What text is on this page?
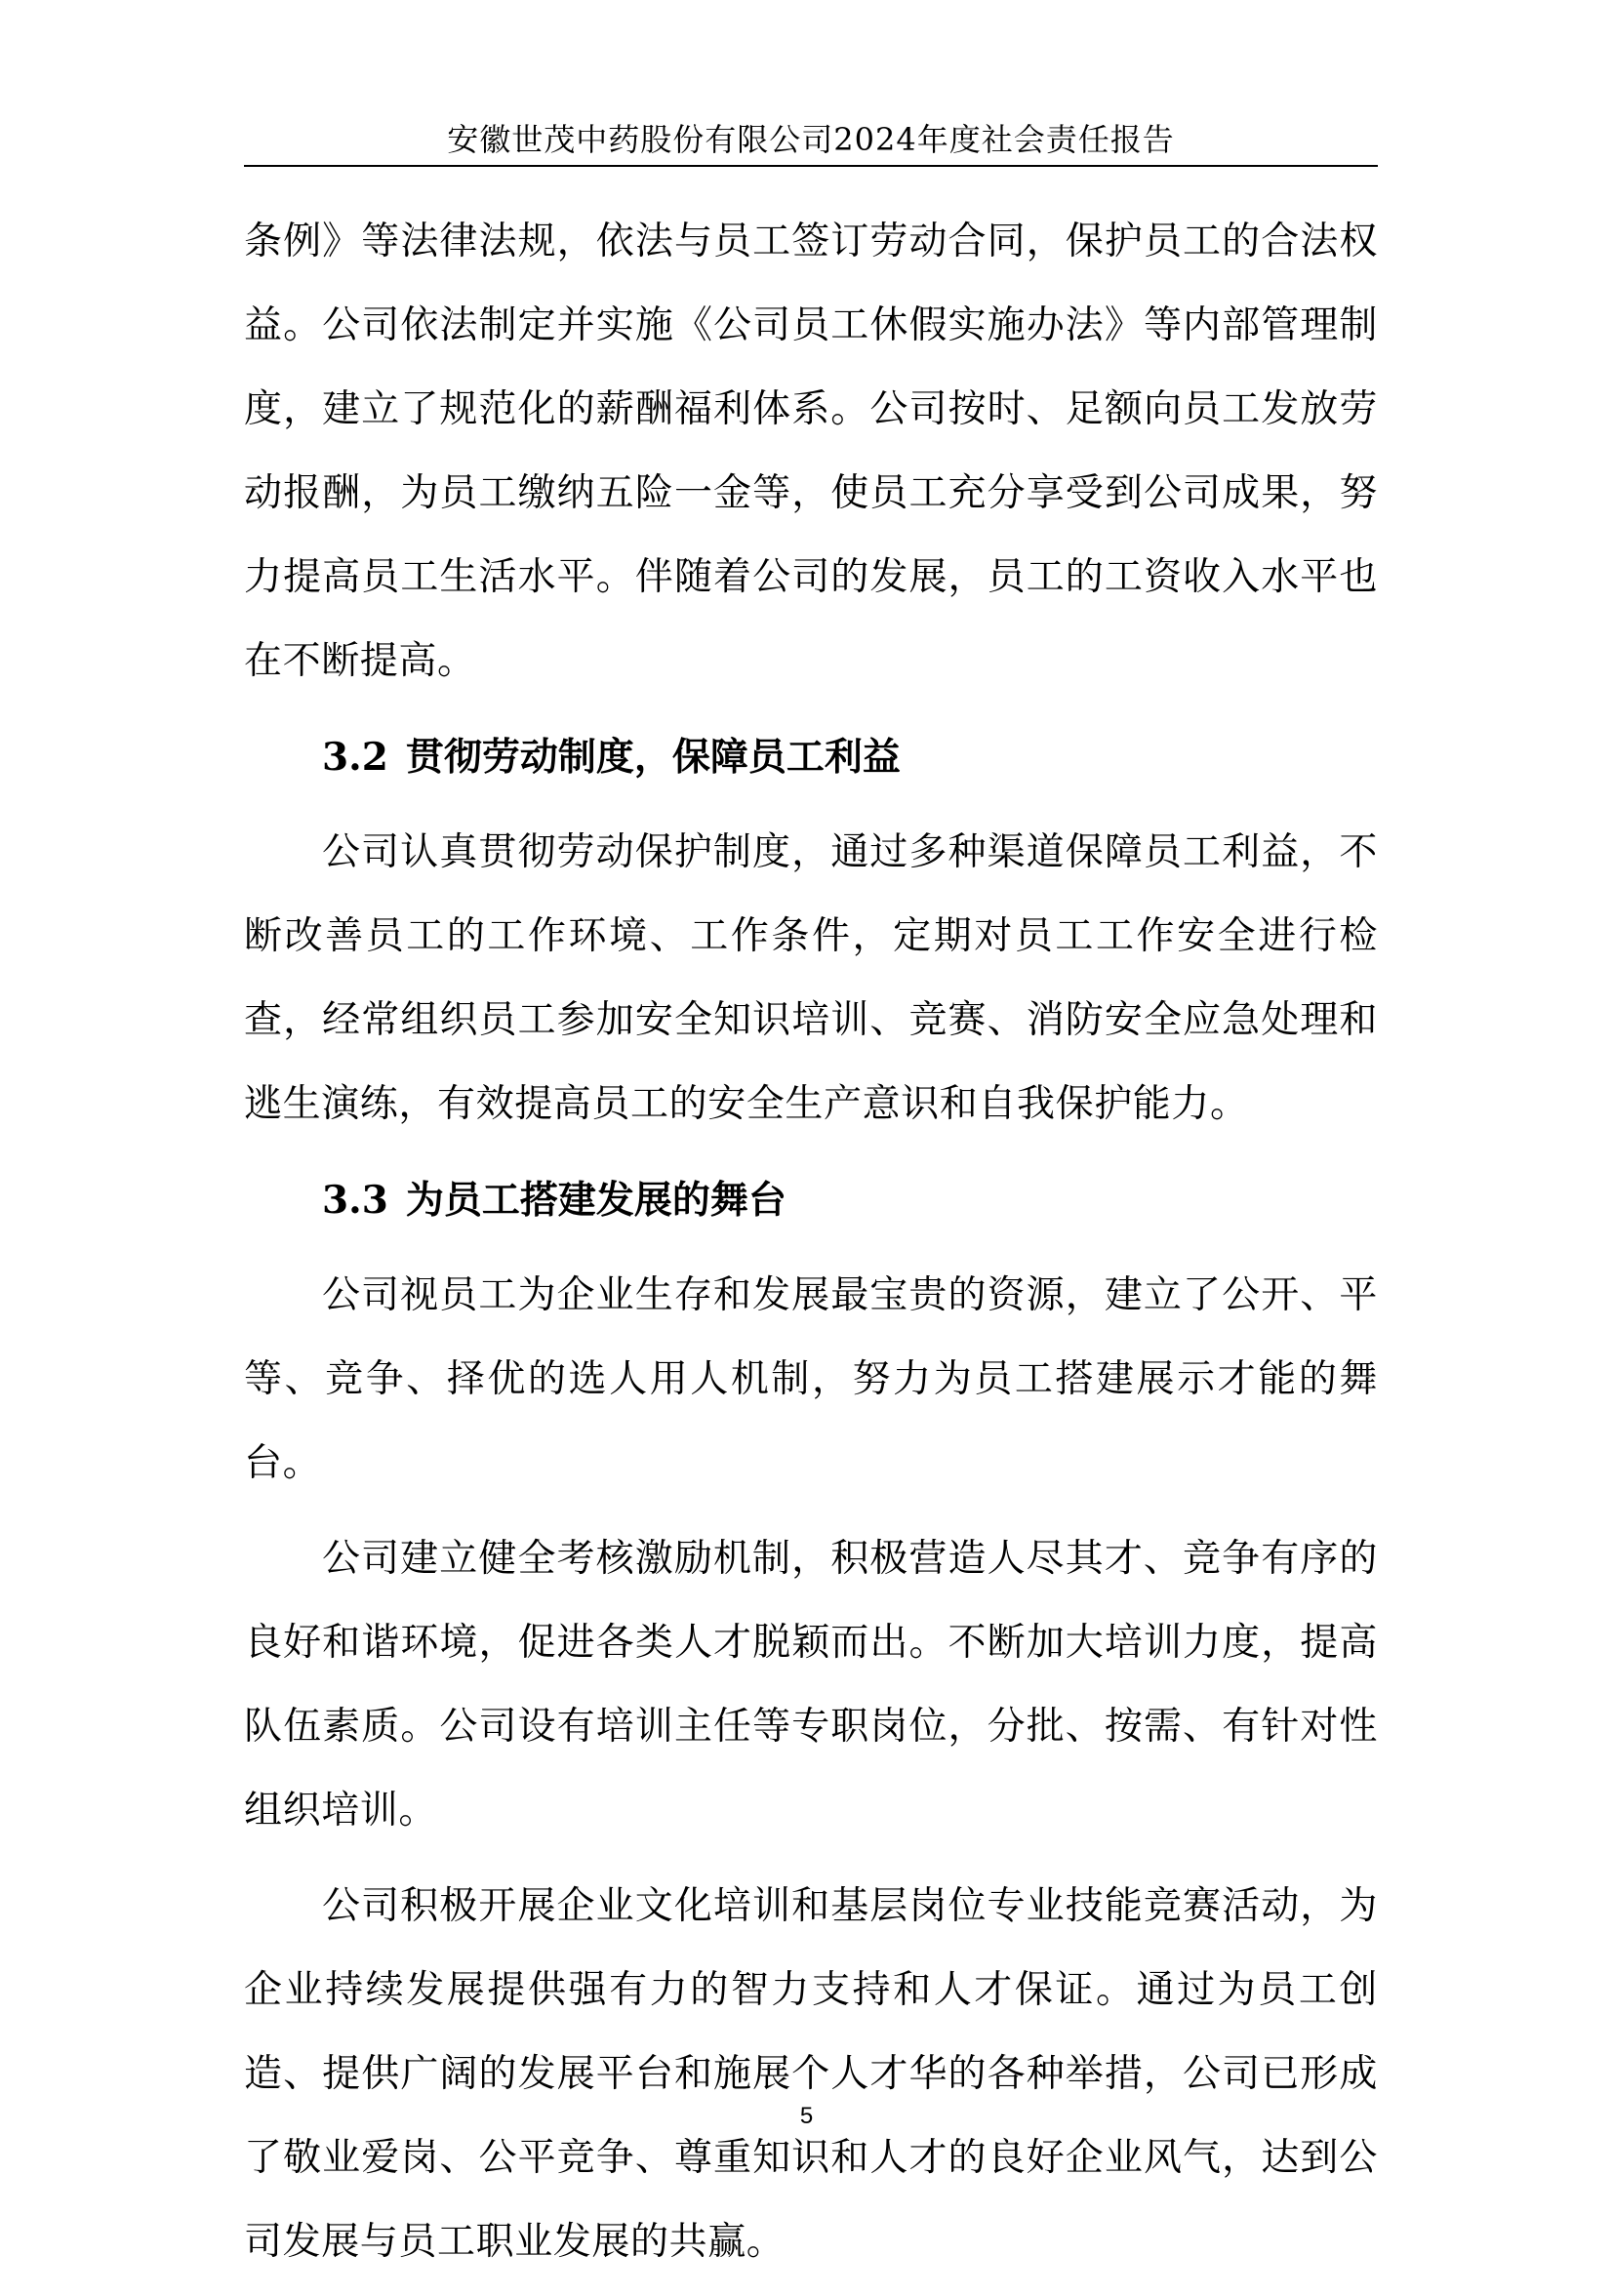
安徽世茂中药股份有限公司2024年度社会责任报告

条例》等法律法规，依法与员工签订劳动合同，保护员工的合法权益。公司依法制定并实施《公司员工休假实施办法》等内部管理制度，建立了规范化的薪酬福利体系。公司按时、足额向员工发放劳动报酬，为员工缴纳五险一金等，使员工充分享受到公司成果，努力提高员工生活水平。伴随着公司的发展，员工的工资收入水平也在不断提高。

3.2 贯彻劳动制度，保障员工利益

公司认真贯彻劳动保护制度，通过多种渠道保障员工利益，不断改善员工的工作环境、工作条件，定期对员工工作安全进行检查，经常组织员工参加安全知识培训、竞赛、消防安全应急处理和逃生演练，有效提高员工的安全生产意识和自我保护能力。

3.3 为员工搭建发展的舞台

公司视员工为企业生存和发展最宝贵的资源，建立了公开、平等、竞争、择优的选人用人机制，努力为员工搭建展示才能的舞台。

公司建立健全考核激励机制，积极营造人尽其才、竞争有序的良好和谐环境，促进各类人才脱颖而出。不断加大培训力度，提高队伍素质。公司设有培训主任等专职岗位，分批、按需、有针对性组织培训。

公司积极开展企业文化培训和基层岗位专业技能竞赛活动，为企业持续发展提供强有力的智力支持和人才保证。通过为员工创造、提供广阔的发展平台和施展个人才华的各种举措，公司已形成了敬业爱岗、公平竞争、尊重知识和人才的良好企业风气，达到公司发展与员工职业发展的共赢。

5
